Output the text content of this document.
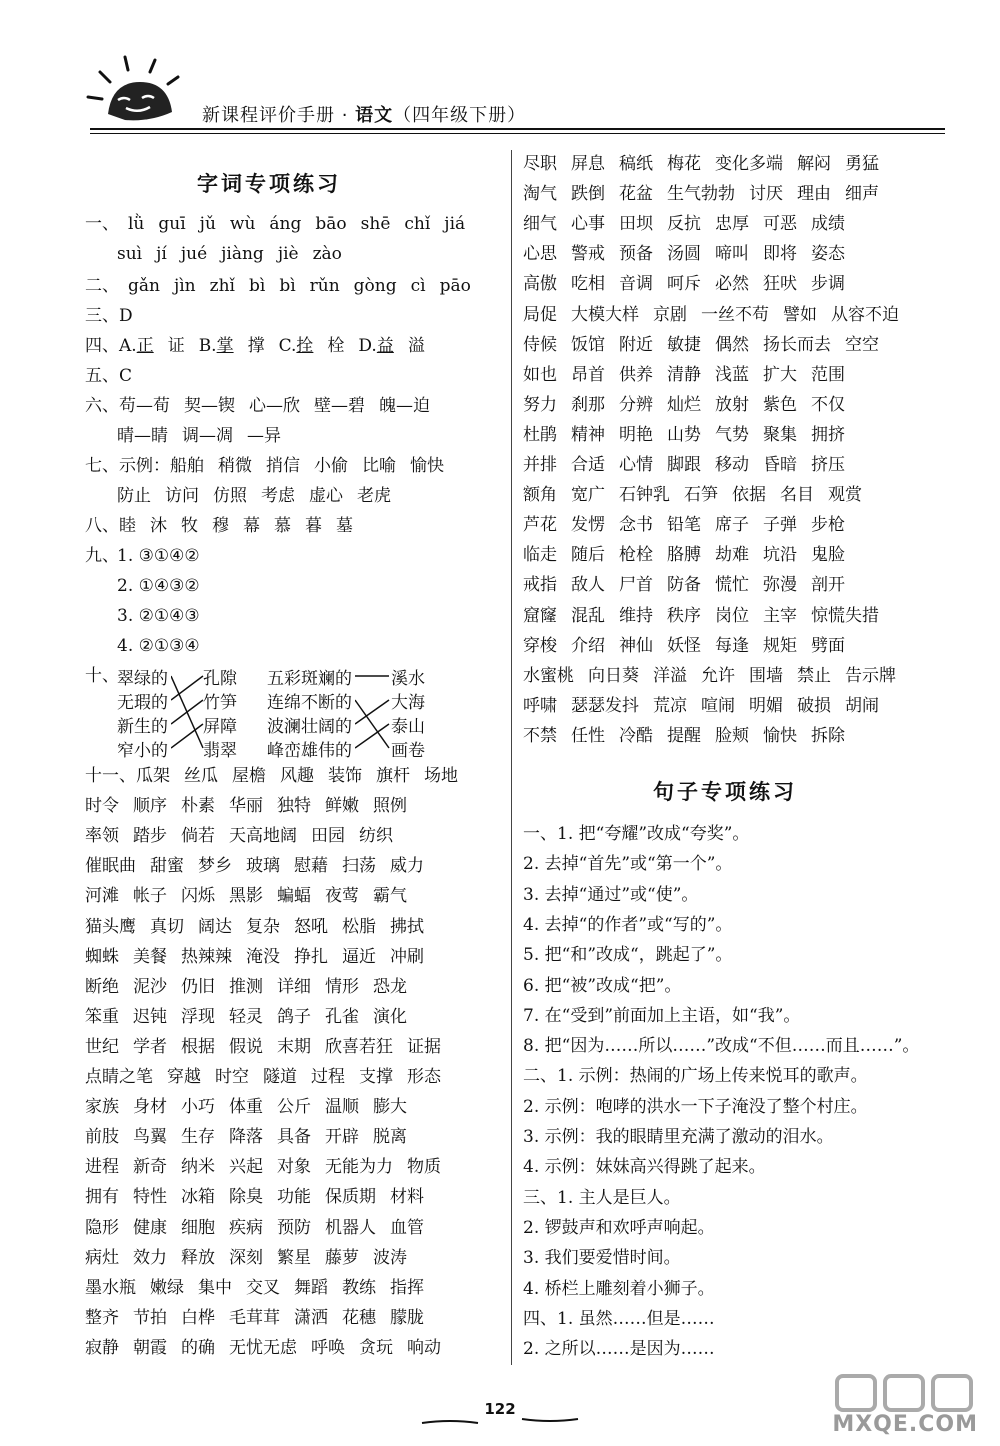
新课程评价手册 · 语文（四年级下册）
字词专项练习
一、 lǜ guī jǔ wù áng bāo shē chǐ jiá
suì jí jué jiàng jiè zào
二、 gǎn jìn zhǐ bì bì rǔn gòng cì pāo
三、D
四、A.正 证 B.掌 撑 C.拴 栓 D.益 溢
五、C
六、苟—荀 契—锲 心—欣 壁—碧 魄—迫
晴—睛 调—凋 —异
七、示例：船舶 稍微 捎信 小偷 比喻 愉快
防止 访问 仿照 考虑 虚心 老虎
八、睦 沐 牧 穆 幕 慕 暮 墓
九、
1. ③①④②
2. ①④③②
3. ②①④③
4. ②①③④
十、
翠绿的
无瑕的
新生的
窄小的
孔隙
竹笋
屏障
翡翠
五彩斑斓的
连绵不断的
波澜壮阔的
峰峦雄伟的
溪水
大海
泰山
画卷
十一、瓜架 丝瓜 屋檐 风趣 装饰 旗杆 场地
时令 顺序 朴素 华丽 独特 鲜嫩 照例
率领 踏步 倘若 天高地阔 田园 纺织
催眠曲 甜蜜 梦乡 玻璃 慰藉 扫荡 威力
河滩 帐子 闪烁 黑影 蝙蝠 夜莺 霸气
猫头鹰 真切 阔达 复杂 怒吼 松脂 拂拭
蜘蛛 美餐 热辣辣 淹没 挣扎 逼近 冲刷
断绝 泥沙 仍旧 推测 详细 情形 恐龙
笨重 迟钝 浮现 轻灵 鸽子 孔雀 演化
世纪 学者 根据 假说 末期 欣喜若狂 证据
点睛之笔 穿越 时空 隧道 过程 支撑 形态
家族 身材 小巧 体重 公斤 温顺 膨大
前肢 鸟翼 生存 降落 具备 开辟 脱离
进程 新奇 纳米 兴起 对象 无能为力 物质
拥有 特性 冰箱 除臭 功能 保质期 材料
隐形 健康 细胞 疾病 预防 机器人 血管
病灶 效力 释放 深刻 繁星 藤萝 波涛
墨水瓶 嫩绿 集中 交叉 舞蹈 教练 指挥
整齐 节拍 白桦 毛茸茸 潇洒 花穗 朦胧
寂静 朝霞 的确 无忧无虑 呼唤 贪玩 响动
尽职 屏息 稿纸 梅花 变化多端 解闷 勇猛
淘气 跌倒 花盆 生气勃勃 讨厌 理由 细声
细气 心事 田坝 反抗 忠厚 可恶 成绩
心思 警戒 预备 汤圆 啼叫 即将 姿态
高傲 吃相 音调 呵斥 必然 狂吠 步调
局促 大模大样 京剧 一丝不苟 譬如 从容不迫
侍候 饭馆 附近 敏捷 偶然 扬长而去 空空
如也 昂首 供养 清静 浅蓝 扩大 范围
努力 刹那 分辨 灿烂 放射 紫色 不仅
杜鹃 精神 明艳 山势 气势 聚集 拥挤
并排 合适 心情 脚跟 移动 昏暗 挤压
额角 宽广 石钟乳 石笋 依据 名目 观赏
芦花 发愣 念书 铅笔 席子 子弹 步枪
临走 随后 枪栓 胳膊 劫难 坑沿 鬼脸
戒指 敌人 尸首 防备 慌忙 弥漫 剖开
窟窿 混乱 维持 秩序 岗位 主宰 惊慌失措
穿梭 介绍 神仙 妖怪 每逢 规矩 劈面
水蜜桃 向日葵 洋溢 允许 围墙 禁止 告示牌
呼啸 瑟瑟发抖 荒凉 喧闹 明媚 破损 胡闹
不禁 任性 冷酷 提醒 脸颊 愉快 拆除
句子专项练习
一、1. 把“夸耀”改成“夸奖”。
2. 去掉“首先”或“第一个”。
3. 去掉“通过”或“使”。
4. 去掉“的作者”或“写的”。
5. 把“和”改成“，跳起了”。
6. 把“被”改成“把”。
7. 在“受到”前面加上主语，如“我”。
8. 把“因为……所以……”改成“不但……而且……”。
二、1. 示例：热闹的广场上传来悦耳的歌声。
2. 示例：咆哮的洪水一下子淹没了整个村庄。
3. 示例：我的眼睛里充满了激动的泪水。
4. 示例：妹妹高兴得跳了起来。
三、1. 主人是巨人。
2. 锣鼓声和欢呼声响起。
3. 我们要爱惜时间。
4. 桥栏上雕刻着小狮子。
四、1. 虽然……但是……
2. 之所以……是因为……
122
MXQE.COM
